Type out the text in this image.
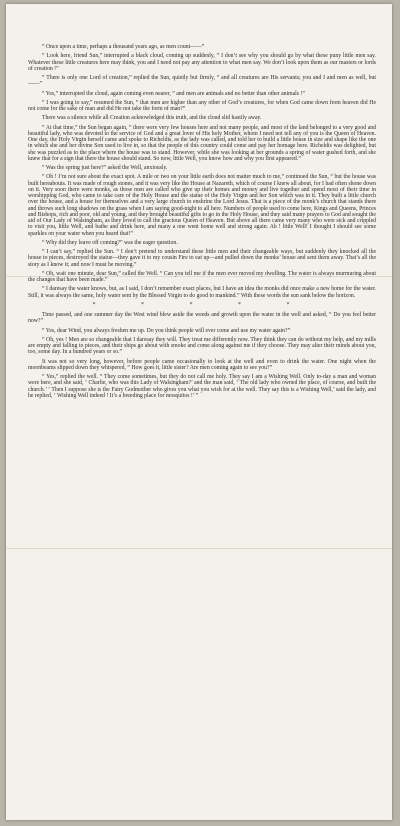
“ Once upon a time, perhaps a thousand years ago, as men count——”

“ Look here, friend Sun,” interrupted a black cloud, coming up suddenly, “ I don’t see why you should go by what these puny little men say. Whatever these little creatures here may think, you and I need not pay any attention to what men say. We don’t look upon them as our masters or lords of creation !”

“ There is only one Lord of creation,” replied the Sun, quietly but firmly, “ and all creatures are His servants; you and I and men as well, but——”

“ Yes,” interrupted the cloud, again coming even nearer, “ and men are animals and no better than other animals !”

“ I was going to say,” resumed the Sun, “ that men are higher than any other of God’s creatures, for when God came down from heaven did He not come for the sake of man and did He not take the form of man?”

There was a silence while all Creation acknowledged this truth, and the cloud slid hastily away.

“ At that time,” the Sun began again, “ there were very few houses here and not many people, and most of the land belonged to a very good and beautiful lady, who was devoted to the service of God and a great lover of His holy Mother, whom I need not tell any of you is the Queen of Heaven. One day, the Holy Virgin herself came and spoke to Richeldis, as the lady was called, and told her to build a little house in size and shape like the one in which she and her divine Son used to live in, so that the people of this country could come and pay her homage here. Richeldis was delighted, but she was puzzled as to the place where the house was to stand. However, while she was looking at her grounds a spring of water gushed forth, and she knew that for a sign that there the house should stand. So now, little Well, you know how and why you first appeared.”

“ Was the spring just here?” asked the Well, anxiously.

“ Oh ! I’m not sure about the exact spot. A mile or two on your little earth does not matter much to me,” continued the Sun, “ but the house was built hereabouts. It was made of rough stones, and it was very like the House at Nazareth, which of course I knew all about, for I had often shone down on it. Very soon there were monks, as those men are called who give up their homes and money and live together and spend most of their time in worshipping God, who came to take care of the Holy House and the statue of the Holy Virgin and her Son which was in it. They built a little church over the house, and a house for themselves and a very large church to enshrine the Lord Jesus. That is a piece of the monk’s church that stands there and throws such long shadows on the grass when I am saying good-night to all here. Numbers of people used to come here, Kings and Queens, Princes and Bishops, rich and poor, old and young, and they brought beautiful gifts to go in the Holy House, and they said many prayers to God and sought the aid of Our Lady of Walsingham, as they loved to call the gracious Queen of Heaven. But above all there came very many who were sick and crippled to visit you, little Well, and bathe and drink here, and many a one went home well and strong again. Ah ! little Well! I thought I should see some sparkles on your water when you heard that!”

“ Why did they leave off coming?” was the eager question.

“ I can’t say,” replied the Sun. “ I don’t pretend to understand these little men and their changeable ways, but suddenly they knocked all the house to pieces, destroyed the statue—they gave it to my cousin Fire to eat up—and pulled down the monks’ house and sent them away. That’s all the story as I know it; and now I must be moving.”

“ Oh, wait one minute, dear Sun,” called the Well. “ Can you tell me if the men ever moved my dwelling. The water is always murmuring about the changes that have been made.”

“ I daresay the water knows, but, as I said, I don’t remember exact places, but I have an idea the monks did once make a new home for the water. Still, it was always the same, holy water sent by the Blessed Virgin to do good to mankind.” With these words the sun sank below the horizon.

* * * * *

Time passed, and one summer day the West wind blew aside the weeds and growth upon the water in the well and asked, “ Do you feel better now?”

“ Yes, dear Wind, you always freshen me up. Do you think people will ever come and use my water again?”

“ Oh, yes ! Men are so changeable that I daresay they will. They treat me differently now. They think they can do without my help, and my mills are empty and falling to pieces, and their ships go about with smoke and come along against me if they choose. They may alter their minds about you, too, some day. In a hundred years or so.”

It was not so very long, however, before people came occasionally to look at the well and even to drink the water. One night when the moonbeams slipped down they whispered, “ How goes it, little sister? Are men coming again to see you?”

“ Yes,” replied the well. “ They come sometimes, but they do not call me holy. They say I am a Wishing Well. Only to-day a man and woman were here, and she said, ‘ Charlie, who was this Lady of Walsingham?’ and the man said, ‘ The old lady who owned the place, of course, and built the church.’ ‘ Then I suppose she is the Fairy Godmother who gives you what you wish for at the well. They say this is a Wishing Well,’ said the lady, and he replied, ‘ Wishing Well indeed ! It’s a breeding place for mosquitos !’ ”
